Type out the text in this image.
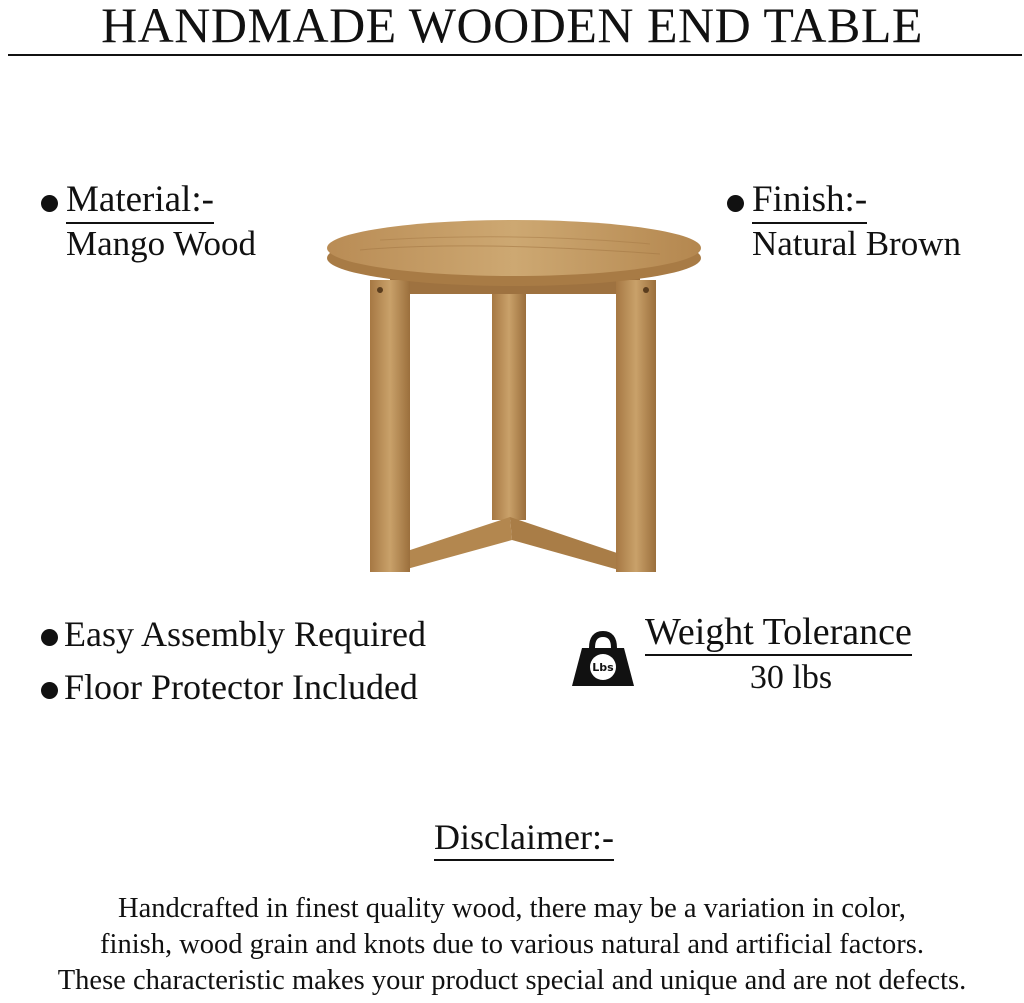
HANDMADE WOODEN END TABLE
Material:-
Mango Wood
Finish:-
Natural Brown
Easy Assembly Required
Floor Protector Included	Lbs
Weight Tolerance
30 lbs
Disclaimer:-
Handcrafted in finest quality wood, there may be a variation in color,
finish, wood grain and knots due to various natural and artificial factors.
These characteristic makes your product special and unique and are not defects.
